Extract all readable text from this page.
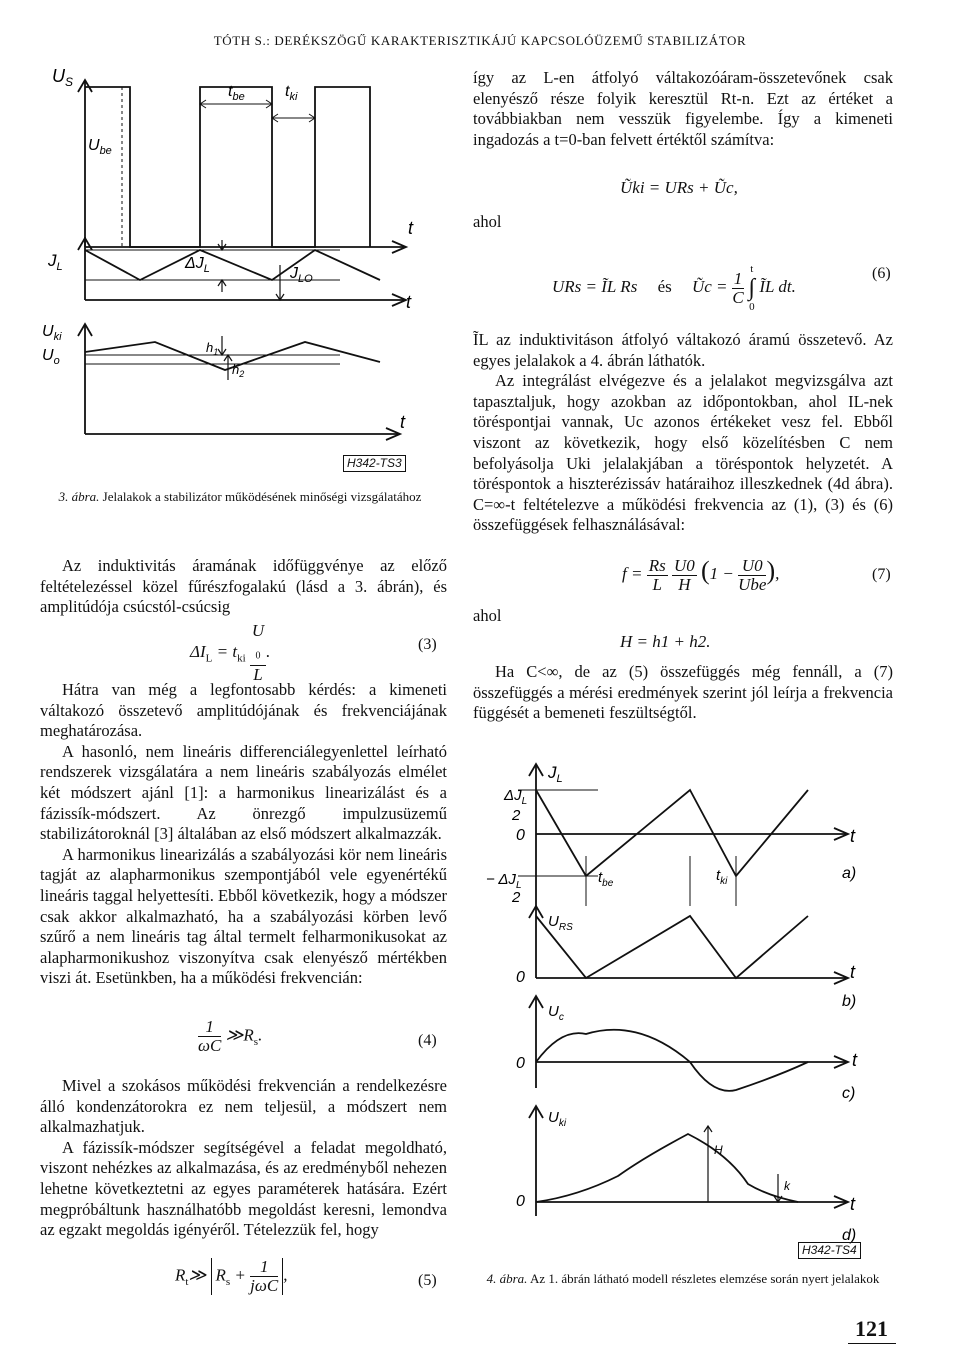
TÓTH S.: DERÉKSZÖGŰ KARAKTERISZTIKÁJÚ KAPCSOLÓÜZEMŰ STABILIZÁTOR
$U_S$
$U_{be}$
$t_{be}$	$t_{ki}$
t
$J_L$	$\Delta J_L$	$J_{LO}$
t
$U_{ki}$
$U_o$
$h_1$
$h_2$
t
H342-TS3
3. ábra. Jelalakok a stabilizátor működésének minőségi vizsgálatához

Az induktivitás áramának időfüggvénye az előző feltételezéssel közel fűrészfogalakú (lásd a 3. ábrán), és amplitúdója csúcstól-csúcsig

$\Delta I_L = t_{ki}$ U
$_0$
L .	(3)

Hátra van még a legfontosabb kérdés: a kimeneti váltakozó összetevő amplitúdójának és frekvenciájának meghatározása.

A hasonló, nem lineáris differenciálegyenlettel leírható rendszerek vizsgálatára a nem lineáris szabályozás elmélet két módszert ajánl [1]: a harmonikus linearizálást és a fázissík-módszert. Az önrezgő impulzusüzemű stabilizátoroknál [3] általában az első módszert alkalmazzák.

A harmonikus linearizálás a szabályozási kör nem lineáris tagját az alapharmonikus szempontjából vele egyenértékű lineáris taggal helyettesíti. Ebből következik, hogy a módszer csak akkor alkalmazható, ha a szabályozási körben levő szűrő a nem lineáris tag által termelt felharmonikusokat az alapharmonikushoz viszonyítva csak elenyésző mértékben viszi át. Esetünkben, ha a működési frekvencián:

$\frac{1}{\omega C}$ $≫R_s$.	(4)

Mivel a szokásos működési frekvencián a rendelkezésre álló kondenzátorokra ez nem teljesül, a módszert nem alkalmazhatjuk.

A fázissík-módszer segítségével a feladat megoldható, viszont nehézkes az alkalmazása, és az eredményből nehezen lehetne következtetni az egyes paraméterek hatására. Ezért megpróbáltunk használhatóbb megoldást keresni, lemondva az egzakt megoldás igényéről. Tételezzük fel, hogy

$R_t≫$ $R_s + \frac{1}{\text{jωC}}$ ,	(5)

így az L-en átfolyó váltakozóáram-összetevőnek csak elenyésző része folyik keresztül Rt-n. Ezt az értéket a továbbiakban nem vesszük figyelembe. Így a kimeneti ingadozás a t=0-ban felvett értéktől számítva:

Ũki = URs + Ũc,
ahol
URs = ĨL Rs és Ũc = $\frac{1}{C}$

t
∫
0
ĨL dt.
(6)

ĨL az induktivitáson átfolyó váltakozó áramú összetevő. Az egyes jelalakok a 4. ábrán láthatók.

Az integrálást elvégezve és a jelalakot megvizsgálva azt tapasztaljuk, hogy azokban az időpontokban, ahol IL-nek töréspontjai vannak, Uc azonos értékeket vesz fel. Ebből viszont az következik, hogy első közelítésben C nem befolyásolja Uki jelalakjában a töréspontok helyzetét. A töréspontok a hiszterézissáv határaihoz illeszkednek (4d ábra). C=∞-t feltételezve a működési frekvencia az (1), (3) és (6) összefüggések felhasználásával:

$f = \frac{Rs}{L}$
$\frac{U0}{H} (1 - \frac{U0}{\text{Ube}}$ ),	(7)
ahol
H = h1 + h2.

Ha C<∞, de az (5) összefüggés még fennáll, a (7) összefüggés a mérési eredmények szerint jól leírja a frekvencia függését a bemeneti feszültségtől.

$J_L$
$\Delta J_L$
2
0	t
− $\Delta J_L$
2
$t_{be}$	$t_{ki}$	a)
$U_{RS}$
0	t
b)
$U_c$
0	t
c)
$U_{ki}$
H
k
0	t
d)
H342-TS4
4. ábra. Az 1. ábrán látható modell részletes elemzése során nyert jelalakok
121
